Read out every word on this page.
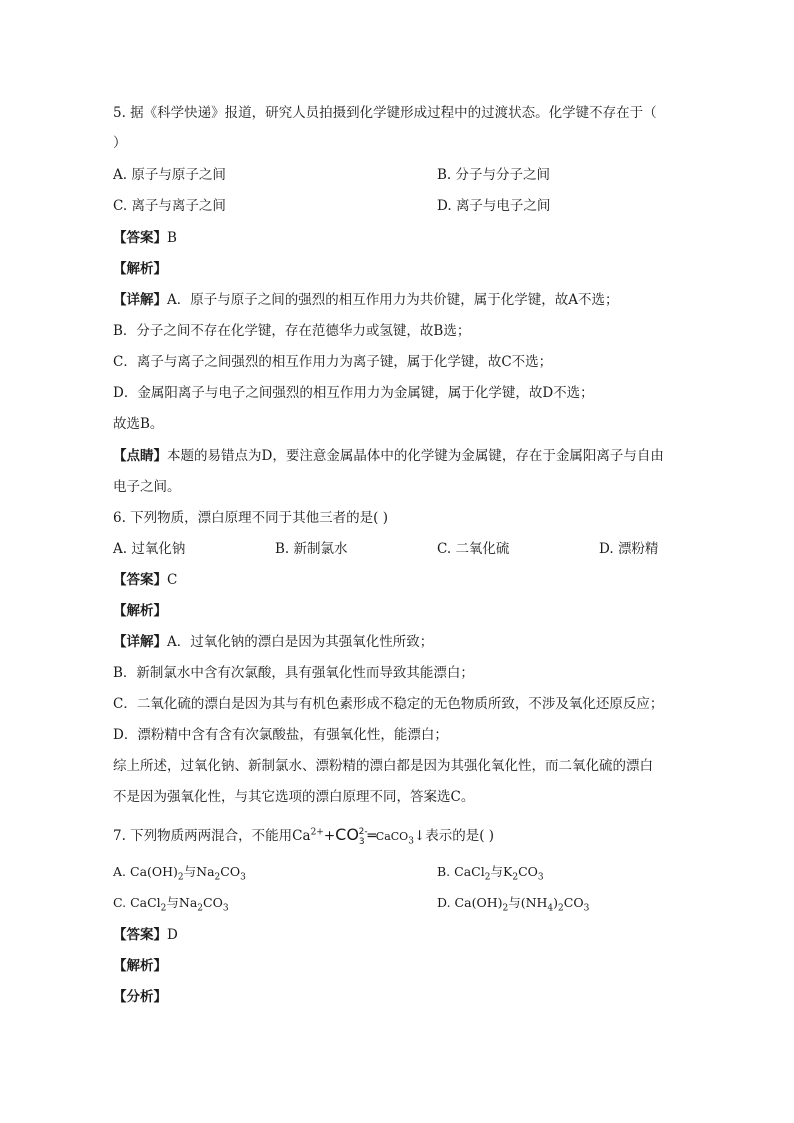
5. 据《科学快递》报道，研究人员拍摄到化学键形成过程中的过渡状态。化学键不存在于（
）
A. 原子与原子之间	B. 分子与分子之间
C. 离子与离子之间	D. 离子与电子之间
【答案】B
【解析】
【详解】A．原子与原子之间的强烈的相互作用力为共价键，属于化学键，故A不选；
B．分子之间不存在化学键，存在范德华力或氢键，故B选；
C．离子与离子之间强烈的相互作用力为离子键，属于化学键，故C不选；
D．金属阳离子与电子之间强烈的相互作用力为金属键，属于化学键，故D不选；
故选B。
【点睛】本题的易错点为D，要注意金属晶体中的化学键为金属键，存在于金属阳离子与自由
电子之间。
6. 下列物质，漂白原理不同于其他三者的是( )
A. 过氧化钠	B. 新制氯水	C. 二氧化硫	D. 漂粉精
【答案】C
【解析】
【详解】A．过氧化钠的漂白是因为其强氧化性所致；
B．新制氯水中含有次氯酸，具有强氧化性而导致其能漂白；
C．二氧化硫的漂白是因为其与有机色素形成不稳定的无色物质所致，不涉及氧化还原反应；
D．漂粉精中含有含有次氯酸盐，有强氧化性，能漂白；
综上所述，过氧化钠、新制氯水、漂粉精的漂白都是因为其强化氧化性，而二氧化硫的漂白
不是因为强氧化性，与其它选项的漂白原理不同，答案选C。
7. 下列物质两两混合，不能用$Ca^{2+}+CO_3^{2-}═CaCO_3↓$表示的是( )
A. $Ca(OH)_2$与$Na_2CO_3$	B. CaCl$_2$与$K_2CO_3$
C. CaCl$_2$与$Na_2CO_3$	D. $Ca(OH)_2$与$(NH_4)_2CO_3$
【答案】D
【解析】
【分析】
